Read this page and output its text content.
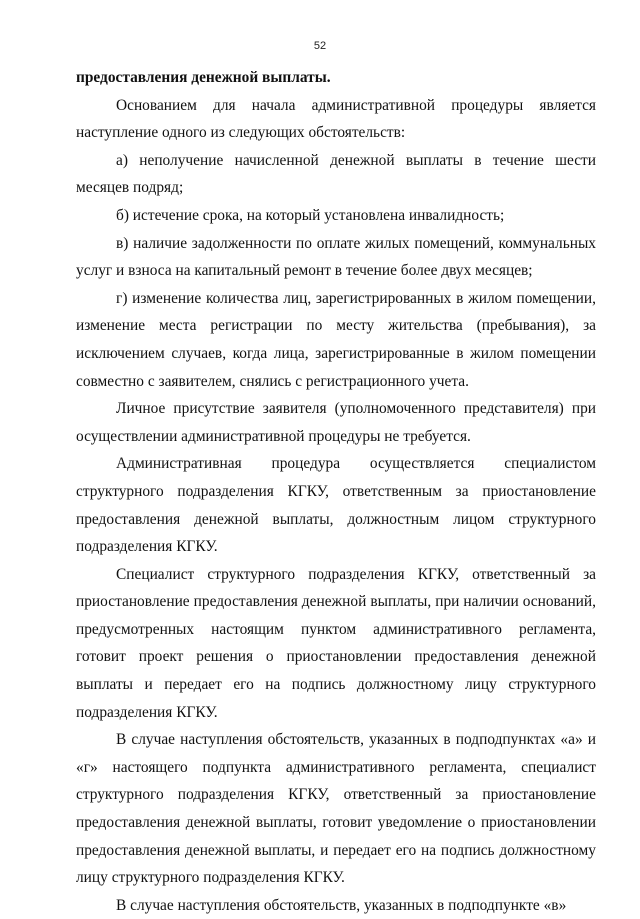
52

предоставления денежной выплаты.

Основанием для начала административной процедуры является наступление одного из следующих обстоятельств:

а) неполучение начисленной денежной выплаты в течение шести месяцев подряд;

б) истечение срока, на который установлена инвалидность;

в) наличие задолженности по оплате жилых помещений, коммунальных услуг и взноса на капитальный ремонт в течение более двух месяцев;

г) изменение количества лиц, зарегистрированных в жилом помещении, изменение места регистрации по месту жительства (пребывания), за исключением случаев, когда лица, зарегистрированные в жилом помещении совместно с заявителем, снялись с регистрационного учета.

Личное присутствие заявителя (уполномоченного представителя) при осуществлении административной процедуры не требуется.

Административная процедура осуществляется специалистом структурного подразделения КГКУ, ответственным за приостановление предоставления денежной выплаты, должностным лицом структурного подразделения КГКУ.

Специалист структурного подразделения КГКУ, ответственный за приостановление предоставления денежной выплаты, при наличии оснований, предусмотренных настоящим пунктом административного регламента, готовит проект решения о приостановлении предоставления денежной выплаты и передает его на подпись должностному лицу структурного подразделения КГКУ.

В случае наступления обстоятельств, указанных в подподпунктах «а» и «г» настоящего подпункта административного регламента, специалист структурного подразделения КГКУ, ответственный за приостановление предоставления денежной выплаты, готовит уведомление о приостановлении предоставления денежной выплаты, и передает его на подпись должностному лицу структурного подразделения КГКУ.

В случае наступления обстоятельств, указанных в подподпункте «в»
